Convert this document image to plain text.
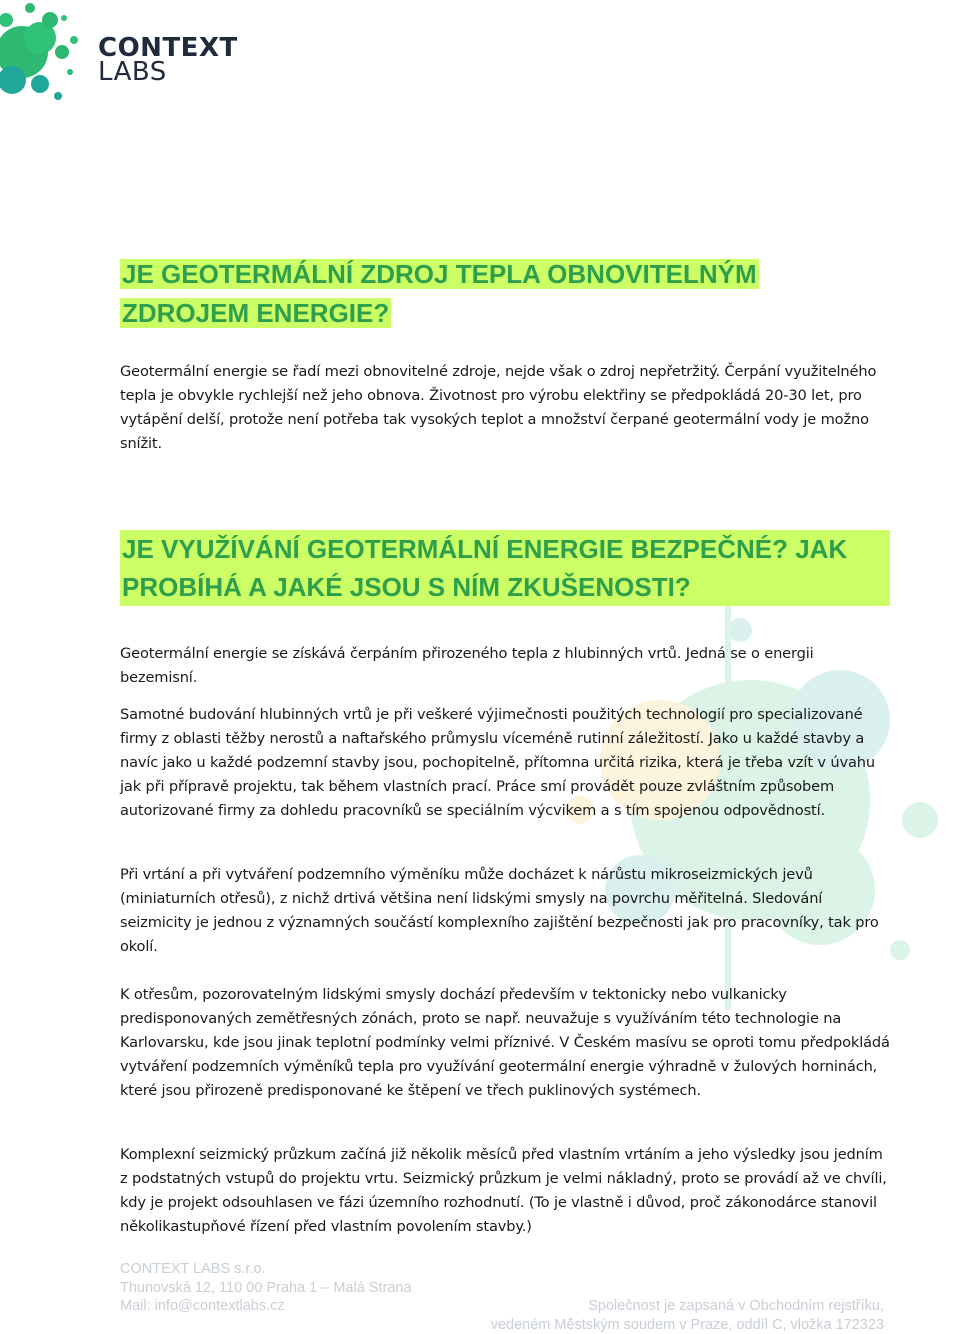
CONTEXT
LABS
JE GEOTERMÁLNÍ ZDROJ TEPLA OBNOVITELNÝM ZDROJEM ENERGIE?

Geotermální energie se řadí mezi obnovitelné zdroje, nejde však o zdroj nepřetržitý. Čerpání využitelného tepla je obvykle rychlejší než jeho obnova. Životnost pro výrobu elektřiny se předpokládá 20-30 let, pro vytápění delší, protože není potřeba tak vysokých teplot a množství čerpané geotermální vody je možno snížit.

JE VYUŽÍVÁNÍ GEOTERMÁLNÍ ENERGIE BEZPEČNÉ? JAK PROBÍHÁ A JAKÉ JSOU S NÍM ZKUŠENOSTI?

Geotermální energie se získává čerpáním přirozeného tepla z hlubinných vrtů. Jedná se o energii bezemisní.

Samotné budování hlubinných vrtů je při veškeré výjimečnosti použitých technologií pro specializované firmy z oblasti těžby nerostů a naftařského průmyslu víceméně rutinní záležitostí. Jako u každé stavby a navíc jako u každé podzemní stavby jsou, pochopitelně, přítomna určitá rizika, která je třeba vzít v úvahu jak při přípravě projektu, tak během vlastních prací. Práce smí provádět pouze zvláštním způsobem autorizované firmy za dohledu pracovníků se speciálním výcvikem a s tím spojenou odpovědností.

Při vrtání a při vytváření podzemního výměníku může docházet k nárůstu mikroseizmických jevů (miniaturních otřesů), z nichž drtivá většina není lidskými smysly na povrchu měřitelná. Sledování seizmicity je jednou z významných součástí komplexního zajištění bezpečnosti jak pro pracovníky, tak pro okolí.

K otřesům, pozorovatelným lidskými smysly dochází především v tektonicky nebo vulkanicky predisponovaných zemětřesných zónách, proto se např. neuvažuje s využíváním této technologie na Karlovarsku, kde jsou jinak teplotní podmínky velmi příznivé. V Českém masívu se oproti tomu předpokládá vytváření podzemních výměníků tepla pro využívání geotermální energie výhradně v žulových horninách, které jsou přirozeně predisponované ke štěpení ve třech puklinových systémech.

Komplexní seizmický průzkum začíná již několik měsíců před vlastním vrtáním a jeho výsledky jsou jedním z podstatných vstupů do projektu vrtu. Seizmický průzkum je velmi nákladný, proto se provádí až ve chvíli, kdy je projekt odsouhlasen ve fázi územního rozhodnutí. (To je vlastně i důvod, proč zákonodárce stanovil několikastupňové řízení před vlastním povolením stavby.)

CONTEXT LABS s.r.o.
Thunovská 12, 110 00 Praha 1 – Malá Strana
Mail: info@contextlabs.cz	Společnost je zapsaná v Obchodním rejstříku,
vedeném Městským soudem v Praze, oddíl C, vložka 172323
